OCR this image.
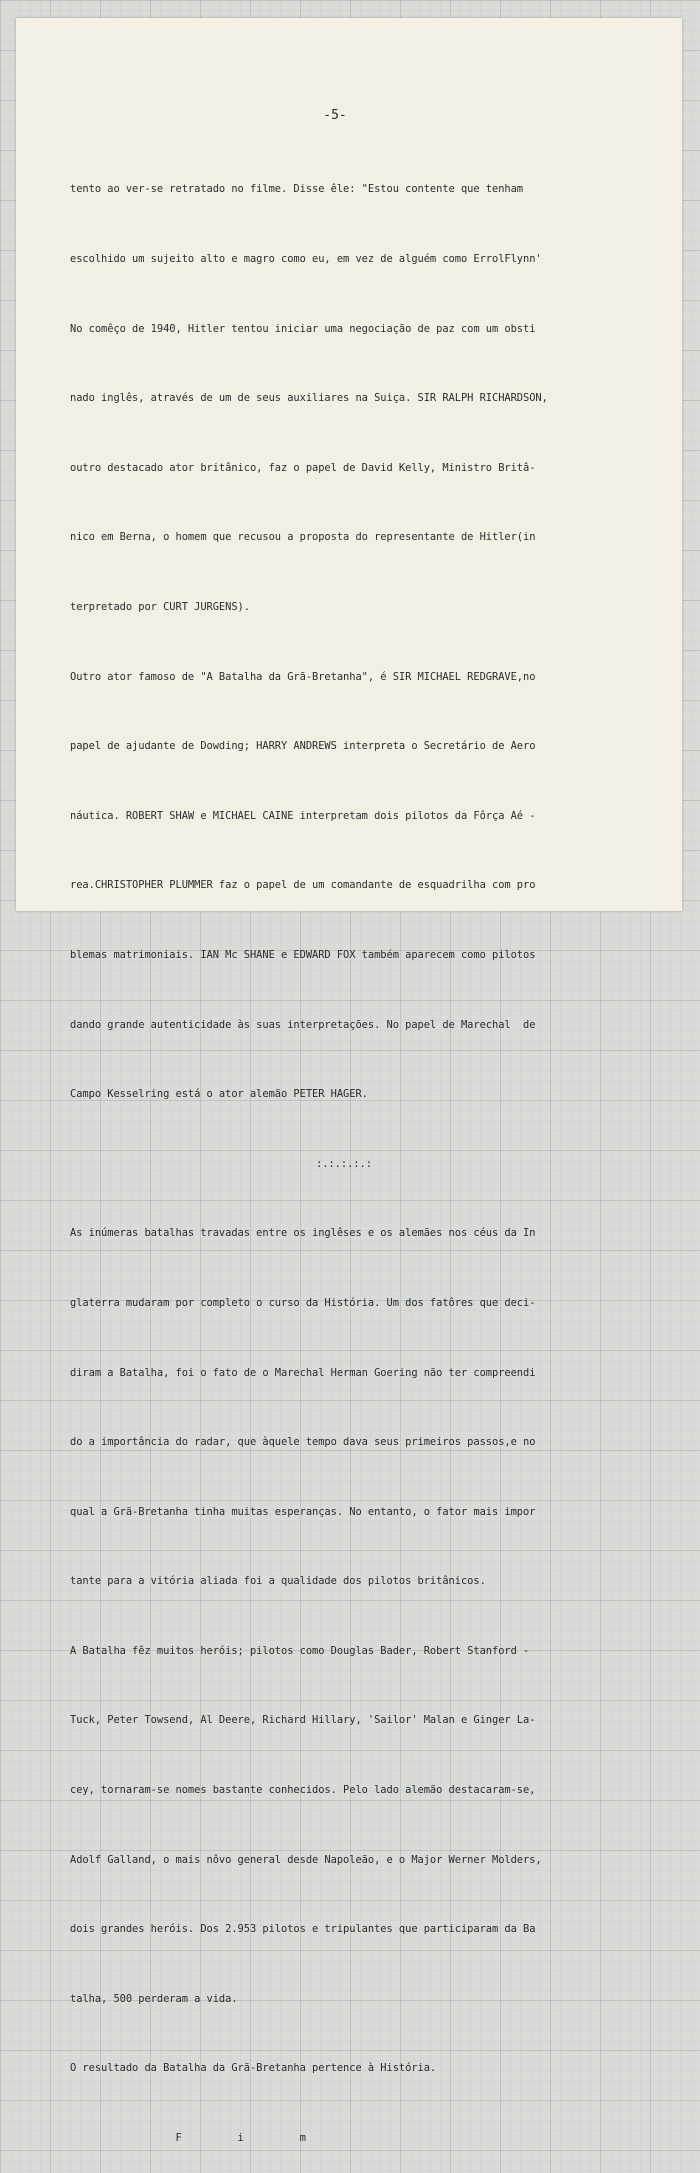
-5-

tento ao ver-se retratado no filme. Disse êle: "Estou contente que tenham

escolhido um sujeito alto e magro como eu, em vez de alguém como ErrolFlynn'

No comêço de 1940, Hitler tentou iniciar uma negociação de paz com um obsti

nado inglês, através de um de seus auxiliares na Suiça. SIR RALPH RICHARDSON,

outro destacado ator britânico, faz o papel de David Kelly, Ministro Britâ-

nico em Berna, o homem que recusou a proposta do representante de Hitler(in

terpretado por CURT JURGENS).

Outro ator famoso de "A Batalha da Grã-Bretanha", é SIR MICHAEL REDGRAVE,no

papel de ajudante de Dowding; HARRY ANDREWS interpreta o Secretário de Aero

náutica. ROBERT SHAW e MICHAEL CAINE interpretam dois pilotos da Fôrça Aé -

rea.CHRISTOPHER PLUMMER faz o papel de um comandante de esquadrilha com pro

blemas matrimoniais. IAN Mc SHANE e EDWARD FOX também aparecem como pilotos

dando grande autenticidade às suas interpretações. No papel de Marechal  de

Campo Kesselring está o ator alemão PETER HAGER.

:.:.:.:.:

As inúmeras batalhas travadas entre os inglêses e os alemães nos céus da In

glaterra mudaram por completo o curso da História. Um dos fatôres que deci-

diram a Batalha, foi o fato de o Marechal Herman Goering não ter compreendi

do a importância do radar, que àquele tempo dava seus primeiros passos,e no

qual a Grã-Bretanha tinha muitas esperanças. No entanto, o fator mais impor

tante para a vitória aliada foi a qualidade dos pilotos britânicos.

A Batalha fêz muitos heróis; pilotos como Douglas Bader, Robert Stanford -

Tuck, Peter Towsend, Al Deere, Richard Hillary, 'Sailor' Malan e Ginger La-

cey, tornaram-se nomes bastante conhecidos. Pelo lado alemão destacaram-se,

Adolf Galland, o mais nôvo general desde Napoleão, e o Major Werner Molders,

dois grandes heróis. Dos 2.953 pilotos e tripulantes que participaram da Ba

talha, 500 perderam a vida.

O resultado da Batalha da Grã-Bretanha pertence à História.

F         i         m
